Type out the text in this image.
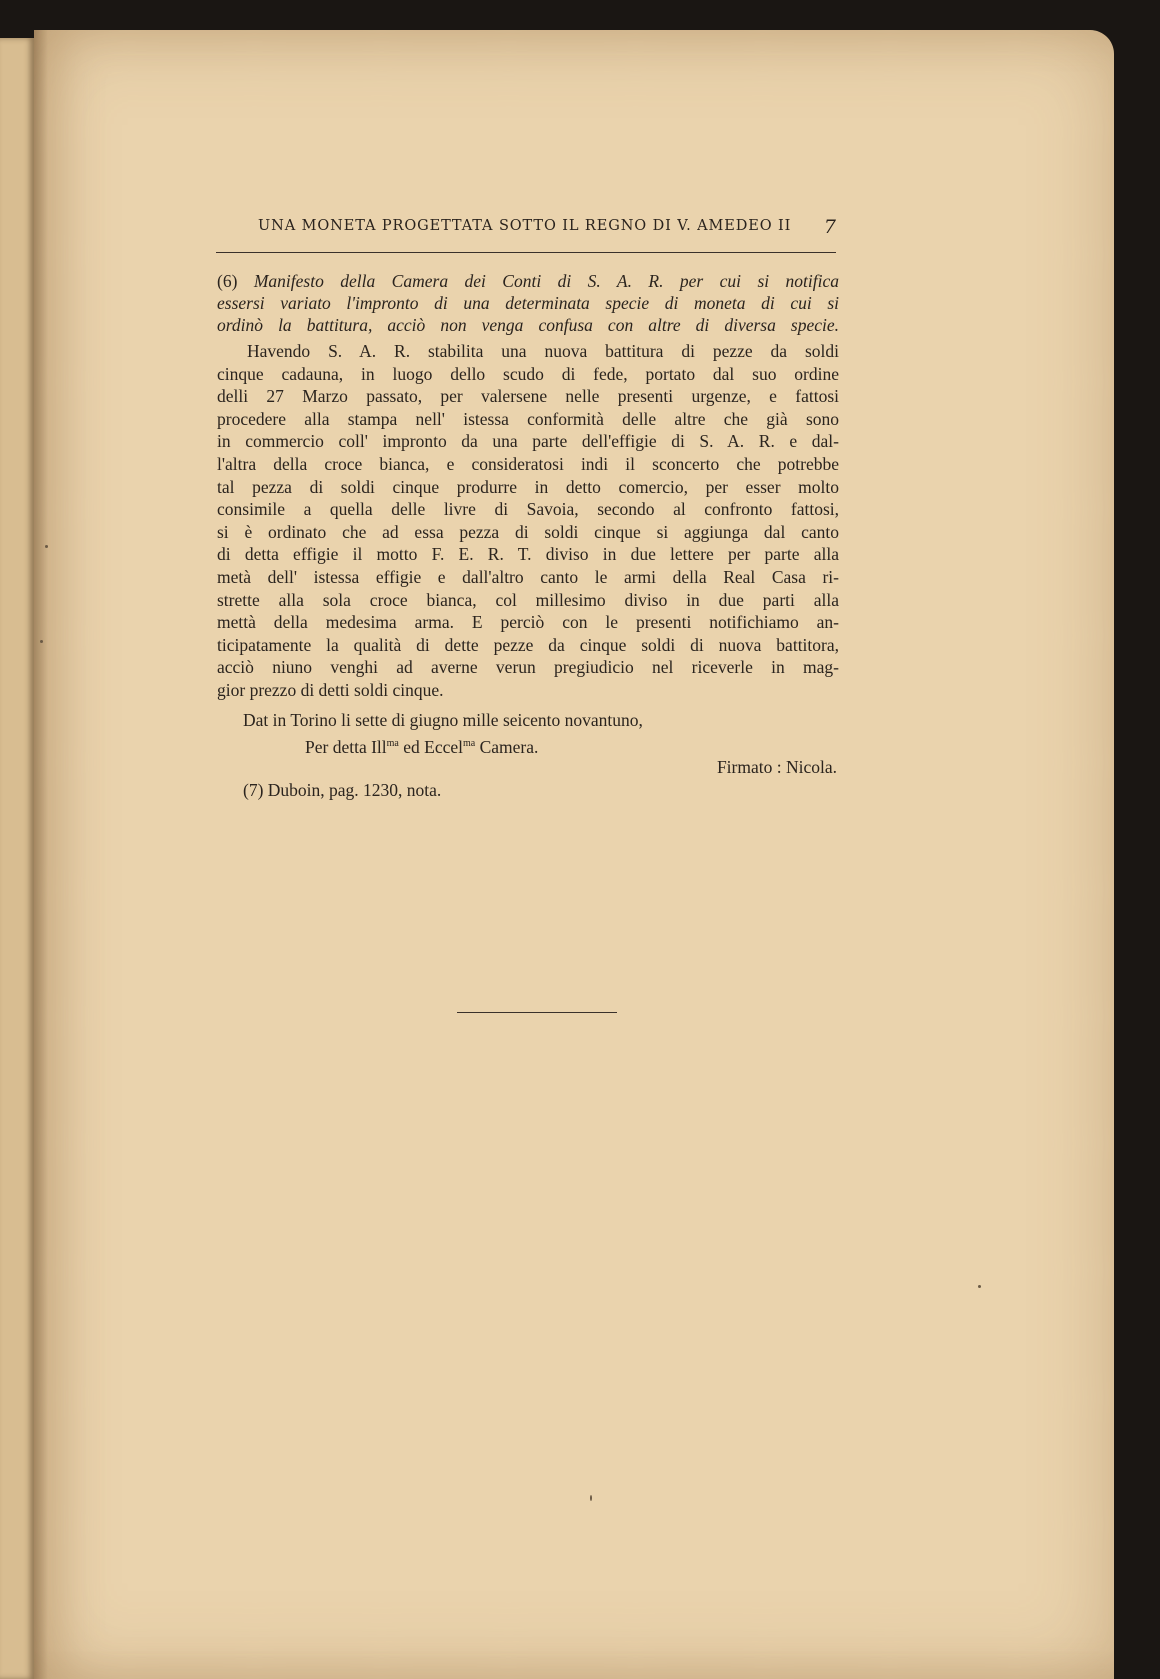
UNA MONETA PROGETTATA SOTTO IL REGNO DI V. AMEDEO II 7
(6) Manifesto della Camera dei Conti di S. A. R. per cui si notifica
essersi variato l'impronto di una determinata specie di moneta di cui si
ordinò la battitura, acciò non venga confusa con altre di diversa specie.
Havendo S. A. R. stabilita una nuova battitura di pezze da soldi
cinque cadauna, in luogo dello scudo di fede, portato dal suo ordine
delli 27 Marzo passato, per valersene nelle presenti urgenze, e fattosi
procedere alla stampa nell' istessa conformità delle altre che già sono
in commercio coll' impronto da una parte dell'effigie di S. A. R. e dal-
l'altra della croce bianca, e consideratosi indi il sconcerto che potrebbe
tal pezza di soldi cinque produrre in detto comercio, per esser molto
consimile a quella delle livre di Savoia, secondo al confronto fattosi,
si è ordinato che ad essa pezza di soldi cinque si aggiunga dal canto
di detta effigie il motto F. E. R. T. diviso in due lettere per parte alla
metà dell' istessa effigie e dall'altro canto le armi della Real Casa ri-
strette alla sola croce bianca, col millesimo diviso in due parti alla
mettà della medesima arma. E perciò con le presenti notifichiamo an-
ticipatamente la qualità di dette pezze da cinque soldi di nuova battitora,
acciò niuno venghi ad averne verun pregiudicio nel riceverle in mag-
gior prezzo di detti soldi cinque.
Dat in Torino li sette di giugno mille seicento novantuno,
Per detta Ill$^{ma}$ ed Eccel$^{ma}$ Camera.
Firmato : Nicola.
(7) Duboin, pag. 1230, nota.
